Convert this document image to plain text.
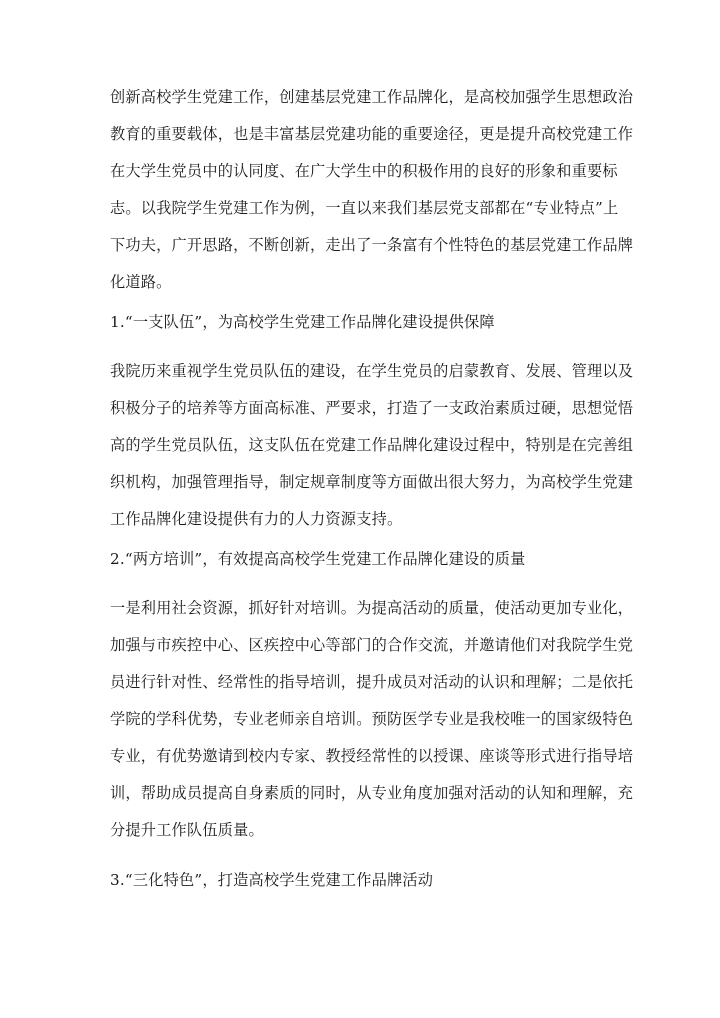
创新高校学生党建工作，创建基层党建工作品牌化，是高校加强学生思想政治

教育的重要载体，也是丰富基层党建功能的重要途径，更是提升高校党建工作

在大学生党员中的认同度、在广大学生中的积极作用的良好的形象和重要标

志。以我院学生党建工作为例，一直以来我们基层党支部都在“专业特点”上

下功夫，广开思路，不断创新，走出了一条富有个性特色的基层党建工作品牌

化道路。

1.“一支队伍”，为高校学生党建工作品牌化建设提供保障

我院历来重视学生党员队伍的建设，在学生党员的启蒙教育、发展、管理以及

积极分子的培养等方面高标准、严要求，打造了一支政治素质过硬，思想觉悟

高的学生党员队伍，这支队伍在党建工作品牌化建设过程中，特别是在完善组

织机构，加强管理指导，制定规章制度等方面做出很大努力，为高校学生党建

工作品牌化建设提供有力的人力资源支持。

2.“两方培训”，有效提高高校学生党建工作品牌化建设的质量

一是利用社会资源，抓好针对培训。为提高活动的质量，使活动更加专业化，

加强与市疾控中心、区疾控中心等部门的合作交流，并邀请他们对我院学生党

员进行针对性、经常性的指导培训，提升成员对活动的认识和理解；二是依托

学院的学科优势，专业老师亲自培训。预防医学专业是我校唯一的国家级特色

专业，有优势邀请到校内专家、教授经常性的以授课、座谈等形式进行指导培

训，帮助成员提高自身素质的同时，从专业角度加强对活动的认知和理解，充

分提升工作队伍质量。

3.“三化特色”，打造高校学生党建工作品牌活动
